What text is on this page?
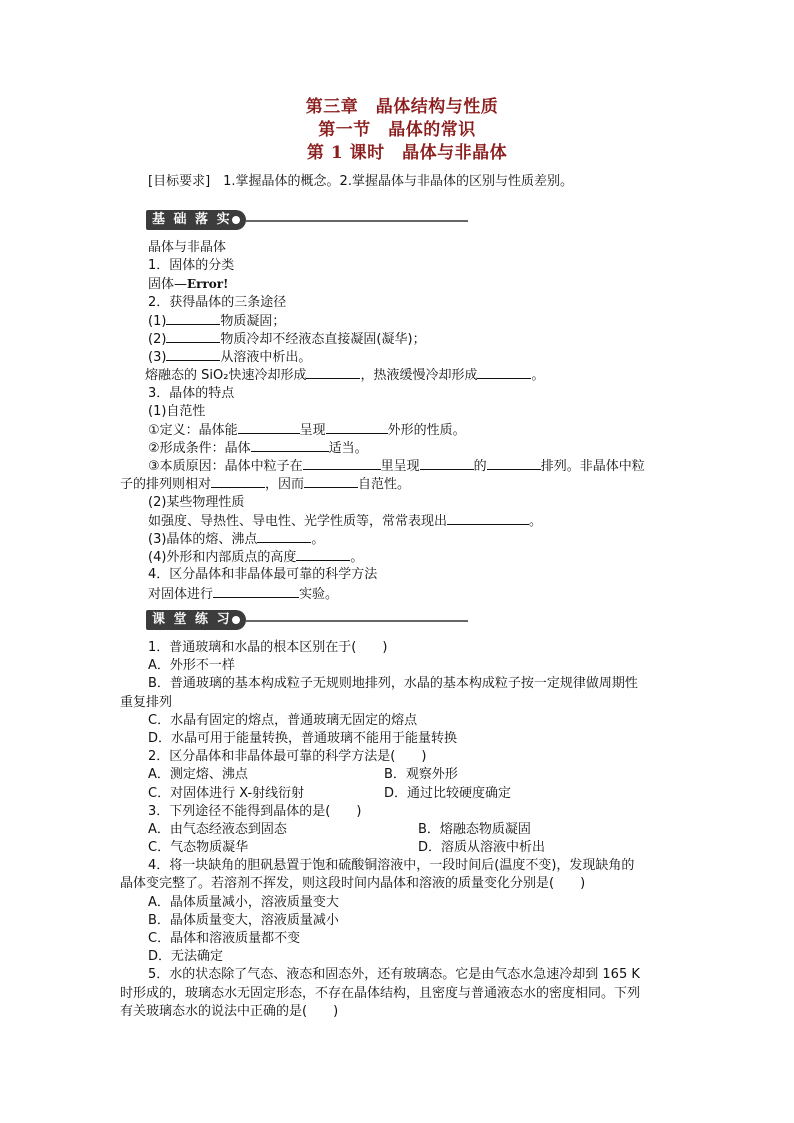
第三章　晶体结构与性质
第一节　晶体的常识
第 1 课时　晶体与非晶体
[目标要求]　1.掌握晶体的概念。2.掌握晶体与非晶体的区别与性质差别。
基 础 落 实
晶体与非晶体
1．固体的分类
固体—Error!
2．获得晶体的三条途径
(1)	物质凝固；
(2)	物质冷却不经液态直接凝固(凝华)；
(3)	从溶液中析出。
熔融态的 SiO₂快速冷却形成	，热液缓慢冷却形成	。
3．晶体的特点
(1)自范性
①定义：晶体能	呈现	外形的性质。
②形成条件：晶体	适当。
③本质原因：晶体中粒子在	里呈现	的	排列。非晶体中粒
子的排列则相对	，因而	自范性。
(2)某些物理性质
如强度、导热性、导电性、光学性质等，常常表现出	。
(3)晶体的熔、沸点	。
(4)外形和内部质点的高度	。
4．区分晶体和非晶体最可靠的科学方法
对固体进行	实验。
课 堂 练 习
1．普通玻璃和水晶的根本区别在于(　　)
A．外形不一样
B．普通玻璃的基本构成粒子无规则地排列，水晶的基本构成粒子按一定规律做周期性
重复排列
C．水晶有固定的熔点，普通玻璃无固定的熔点
D．水晶可用于能量转换，普通玻璃不能用于能量转换
2．区分晶体和非晶体最可靠的科学方法是(　　)
A．测定熔、沸点	B．观察外形
C．对固体进行 X-射线衍射	D．通过比较硬度确定
3．下列途径不能得到晶体的是(　　)
A．由气态经液态到固态	B．熔融态物质凝固
C．气态物质凝华	D．溶质从溶液中析出
4．将一块缺角的胆矾悬置于饱和硫酸铜溶液中，一段时间后(温度不变)，发现缺角的
晶体变完整了。若溶剂不挥发，则这段时间内晶体和溶液的质量变化分别是(　　)
A．晶体质量减小，溶液质量变大
B．晶体质量变大，溶液质量减小
C．晶体和溶液质量都不变
D．无法确定
5．水的状态除了气态、液态和固态外，还有玻璃态。它是由气态水急速冷却到 165 K
时形成的，玻璃态水无固定形态，不存在晶体结构，且密度与普通液态水的密度相同。下列
有关玻璃态水的说法中正确的是(　　)
